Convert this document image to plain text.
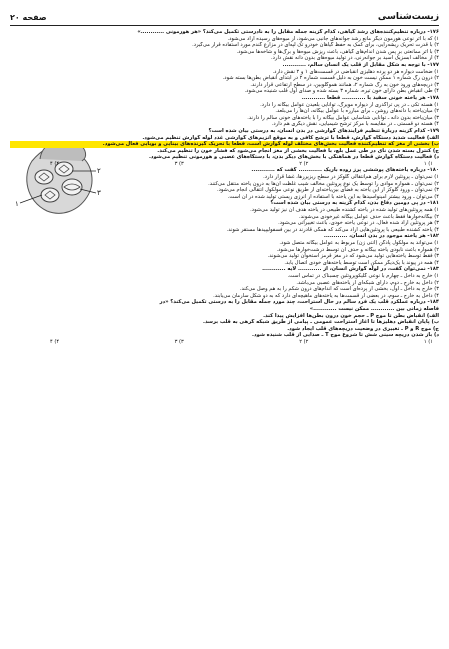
زیست‌شناسی
صفحه ۲۰
۱
۲
۳
۱۷۶- درباره تنظیم‌کننده‌های رشد گیاهی، کدام گزینه جمله مقابل را به نادرستی تکمیل می‌کند؟ «هر هورمونی ............»
۱) که با اثر نوعی هورمون دیگر مانع رشد جوانه‌های جانبی می‌شود، از میوه‌های رسیده آزاد می‌شود.
۲) با قدرت تحریک ریشه‌زایی، برای کمک به حفظ گیاهان خودرو تک لپه‌ای در مزارع گندم مورد استفاده قرار می‌گیرد.
۳) با اثر ممانعتی بر پس شدن اندام‌های گیاهی، باعث ریزش میوه‌ها و برگ‌ها و شاخه‌ها می‌شود.
۴) از مخالف آبسزیک اسید بر جوانه‌زنی، در تولید میوه‌های بدون دانه نقش دارد.
۱۷۷- با توجه به شکل مقابل از قلب یک انسان سالم، ............
۱) ضخامت دیواره هر دو پرده دهلیزی انقباضی در قسمت‌های ۱ و ۲ نقش دارد.
۲) درون رگ شماره ۱ ممکن نیست خون به دلیل قسمت شماره ۲ در ابتدای انقباض بطن‌ها بسته شود.
۳) دریچه‌های ورود خون به رگ شماره ۲، همانند هموگلوبین، در سطح ارتفاعی قرار دارند.
۴) طی انقباض بطن دارای خون تیره، شماره ۳ بسته شده و صدای اول قلب شنیده می‌شود.
۱۷۸- هر یاخته خونی سفید با ............ قطعاً ............
۱) هسته تکی ـ در پی تراگذری از دیواره مویرگ، توانایی بلعیدن عوامل بیگانه را دارد.
۲) میان‌یاخته با دانه‌های روشن ـ برای مبارزه با عوامل بیگانه، آن‌ها را می‌بلعد.
۳) میان‌یاخته بدون دانه ـ توانایی شناسایی عوامل بیگانه را با یاخته‌های خونی سالم را دارند.
۴) هسته دو قسمتی ـ در مقایسه با مرکز ترشح شیمیایی، نقش دیگری هم دارد.
۱۷۹- کدام گزینه دربارهٔ تنظیم فرایندهای گوارشی در بدن انسان، به درستی بیان شده است؟
الف) فعالیت شدید دستگاه گوارش، قطعاً با ترشح کافی و به موقع آنزیم‌های گوارشی غدد لوله گوارش تنظیم می‌شود.
ب) بخشی از مغز که تنظیم‌کننده فعالیت بخش‌های مختلف لوله گوارش است، قطعاً با تحریک گیرنده‌های بینایی و بویایی فعال می‌شود.
ج) کنترل بسته شدن نای در طی عمل بلع، با فعالیت بخشی از مغز انجام می‌شود که فشار خون را تنظیم می‌کند.
د) فعالیت دستگاه گوارش قطعاً در هماهنگی با بخش‌های دیگر بدن، با دستگاه‌های عصبی و هورمونی تنظیم می‌شود.
۱) ۱
۲) ۲
۳) ۳
۴) ۴
۱۸۰- درباره یاخته‌های پوششی پرز روده باریک ............ گفت که ............
۱) نمی‌توان ـ پروتئین لازم برای هم‌انتقالی گلوکز در سطح ریزپرزها، غشا قرار دارد.
۲) نمی‌توان ـ همواره موادی را توسط یک نوع پروتئین مخالف شیب غلظت آن‌ها به درون یاخته منتقل می‌کنند.
۳) نمی‌توان ـ ورود گلوکز از این یاخته به فضای بین‌یاخته‌ای از طریق نوعی مولکول انتقالی انجام می‌شود.
۴) می‌توان ـ ورود بیشتر آمینواسیدها به این یاخته با استفاده از انرژی زیستی تولید شده در آن است.
۱۸۱- در پی دومین دفاع بدن، کدام گزینه به درستی بیان شده است؟
۱) همه پروتئین‌های تولید شده در یاخته کشنده طبیعی در یاخته هدف آن نیز تولید می‌شود.
۲) بیگانه‌خوارها فقط باعث حذف عوامل بیگانه غیرخودی می‌شوند.
۳) هر پروتئین آزاد شده فعال، در نوعی یاخته خودی، باعث تغییراتی می‌شود.
۴) یاخته کشنده طبیعی با پروتئین‌هایی آزاد می‌کند که همگی قادرند در بین فسفولیپیدها مستقر شوند.
۱۸۲- هر یاخته موجود در بدن انسان، ............
۱) می‌تواند به مولکول پادگن (آنتی ژن) مربوط به عوامل بیگانه متصل شود.
۲) همواره باعث نابودی یاخته بیگانه و حذف آن توسط درشت‌خوارها می‌شود.
۳) فقط توسط یاخته‌هایی تولید می‌شود که در مغز قرمز استخوان تولید می‌شوند.
۴) همه در پیوند با یک‌دیگر ممکن است توسط یاخته‌های خودی اتصال یابد.
۱۸۳- نمی‌توان گفت، در لوله گوارش انسان، از ............ لایه ............
۱) خارج به داخل ـ چهارم با نوعی گلیکوپروتئین چسبناک در تماس است.
۲) داخل به خارج ـ دوم، دارای شبکه‌ای از یاخته‌های عصبی می‌باشد.
۳) خارج به داخل ـ اول، بخشی از پرده‌ای است که اندام‌های درون شکم را به هم وصل می‌کند.
۴) داخل به خارج ـ سوم، در بعضی از قسمت‌ها به یاخته‌های ماهیچه‌ای دارد که به دو شکل سازمان می‌یابند.
۱۸۴- درباره عملکرد قلب یک فرد سالم در حال استراحت، چند مورد جمله مقابل را به درستی تکمیل می‌کند؟ «در
فاصله زمانی بین ............ ممکن نیست ............»
الف) انقباض بطن تا موج P ـ حجم خون درون بطن‌ها افزایش پیدا کند.
ب) پایان انقباض دهلیزها تا آغاز استراحت عمومی ـ پیامی از طریق شبکه گرهی به قلب برسد.
ج) موج R و P ـ تغییری در وضعیت دریچه‌های قلب ایجاد شود.
د) باز شدن دریچه سینی شش تا شروع موج T ـ صدایی از قلب شنیده شود.
۱) ۱
۲) ۲
۳) ۳
۴) ۴
